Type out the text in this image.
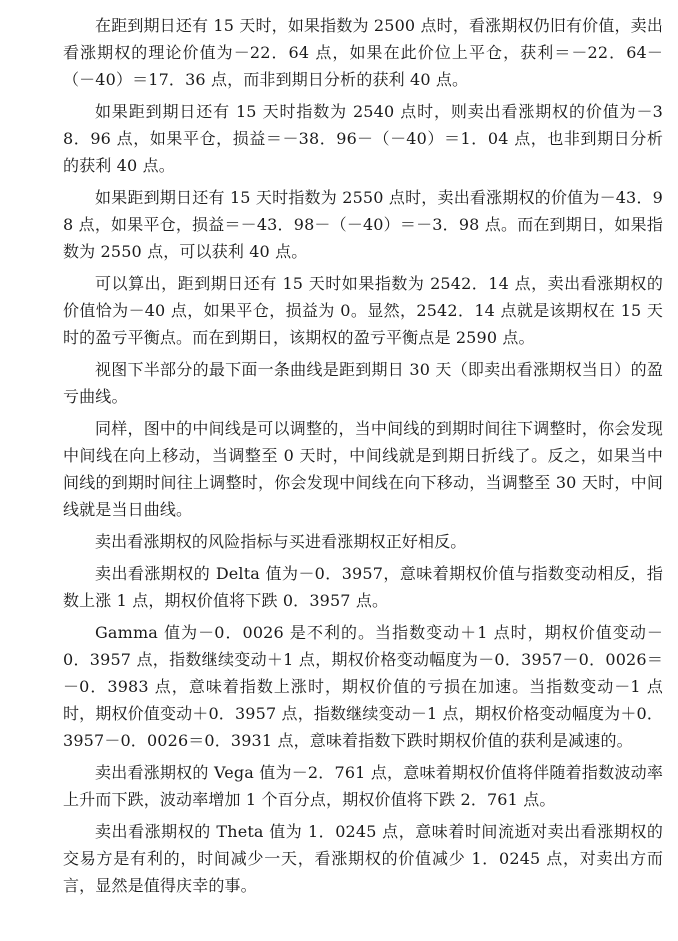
在距到期日还有 15 天时，如果指数为 2500 点时，看涨期权仍旧有价值，卖出看涨期权的理论价值为－22．64 点，如果在此价位上平仓，获利＝－22．64－（－40）＝17．36 点，而非到期日分析的获利 40 点。

如果距到期日还有 15 天时指数为 2540 点时，则卖出看涨期权的价值为－38．96 点，如果平仓，损益＝－38．96－（－40）＝1．04 点，也非到期日分析的获利 40 点。

如果距到期日还有 15 天时指数为 2550 点时，卖出看涨期权的价值为－43．98 点，如果平仓，损益＝－43．98－（－40）＝－3．98 点。而在到期日，如果指数为 2550 点，可以获利 40 点。

可以算出，距到期日还有 15 天时如果指数为 2542．14 点，卖出看涨期权的价值恰为－40 点，如果平仓，损益为 0。显然，2542．14 点就是该期权在 15 天时的盈亏平衡点。而在到期日，该期权的盈亏平衡点是 2590 点。

视图下半部分的最下面一条曲线是距到期日 30 天（即卖出看涨期权当日）的盈亏曲线。

同样，图中的中间线是可以调整的，当中间线的到期时间往下调整时，你会发现中间线在向上移动，当调整至 0 天时，中间线就是到期日折线了。反之，如果当中间线的到期时间往上调整时，你会发现中间线在向下移动，当调整至 30 天时，中间线就是当日曲线。

卖出看涨期权的风险指标与买进看涨期权正好相反。

卖出看涨期权的 Delta 值为－0．3957，意味着期权价值与指数变动相反，指数上涨 1 点，期权价值将下跌 0．3957 点。

Gamma 值为－0．0026 是不利的。当指数变动＋1 点时，期权价值变动－0．3957 点，指数继续变动＋1 点，期权价格变动幅度为－0．3957－0．0026＝－0．3983 点，意味着指数上涨时，期权价值的亏损在加速。当指数变动－1 点时，期权价值变动＋0．3957 点，指数继续变动－1 点，期权价格变动幅度为＋0．3957－0．0026＝0．3931 点，意味着指数下跌时期权价值的获利是减速的。

卖出看涨期权的 Vega 值为－2．761 点，意味着期权价值将伴随着指数波动率上升而下跌，波动率增加 1 个百分点，期权价值将下跌 2．761 点。

卖出看涨期权的 Theta 值为 1．0245 点，意味着时间流逝对卖出看涨期权的交易方是有利的，时间减少一天，看涨期权的价值减少 1．0245 点，对卖出方而言，显然是值得庆幸的事。
